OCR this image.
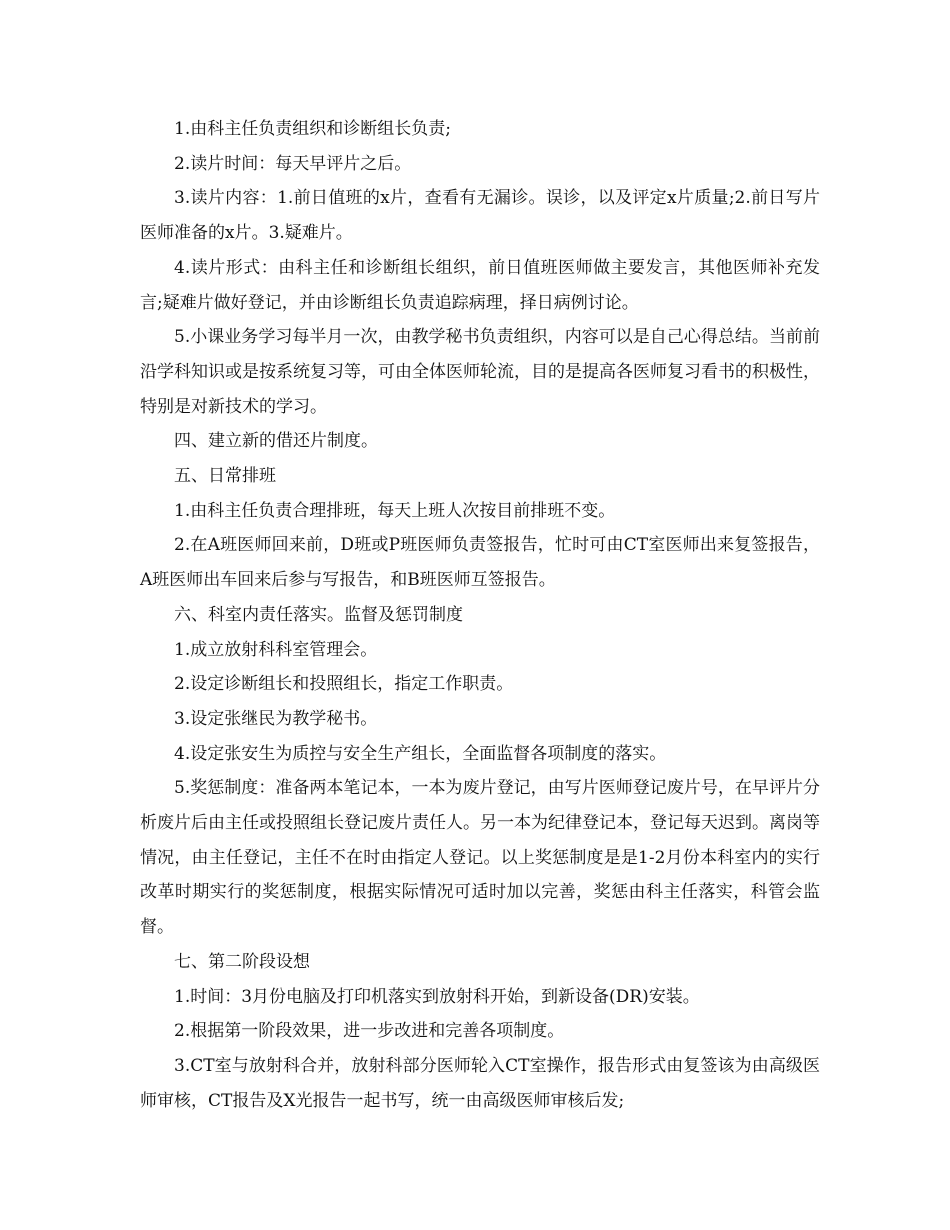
1.由科主任负责组织和诊断组长负责;

2.读片时间：每天早评片之后。

3.读片内容：1.前日值班的x片，查看有无漏诊。误诊，以及评定x片质量;2.前日写片医师准备的x片。3.疑难片。

4.读片形式：由科主任和诊断组长组织，前日值班医师做主要发言，其他医师补充发言;疑难片做好登记，并由诊断组长负责追踪病理，择日病例讨论。

5.小课业务学习每半月一次，由教学秘书负责组织，内容可以是自己心得总结。当前前沿学科知识或是按系统复习等，可由全体医师轮流，目的是提高各医师复习看书的积极性，特别是对新技术的学习。

四、建立新的借还片制度。

五、日常排班

1.由科主任负责合理排班，每天上班人次按目前排班不变。

2.在A班医师回来前，D班或P班医师负责签报告，忙时可由CT室医师出来复签报告，A班医师出车回来后参与写报告，和B班医师互签报告。

六、科室内责任落实。监督及惩罚制度

1.成立放射科科室管理会。

2.设定诊断组长和投照组长，指定工作职责。

3.设定张继民为教学秘书。

4.设定张安生为质控与安全生产组长，全面监督各项制度的落实。

5.奖惩制度：准备两本笔记本，一本为废片登记，由写片医师登记废片号，在早评片分析废片后由主任或投照组长登记废片责任人。另一本为纪律登记本，登记每天迟到。离岗等情况，由主任登记，主任不在时由指定人登记。以上奖惩制度是是1-2月份本科室内的实行改革时期实行的奖惩制度，根据实际情况可适时加以完善，奖惩由科主任落实，科管会监督。

七、第二阶段设想

1.时间：3月份电脑及打印机落实到放射科开始，到新设备(DR)安装。

2.根据第一阶段效果，进一步改进和完善各项制度。

3.CT室与放射科合并，放射科部分医师轮入CT室操作，报告形式由复签该为由高级医师审核，CT报告及X光报告一起书写，统一由高级医师审核后发;
